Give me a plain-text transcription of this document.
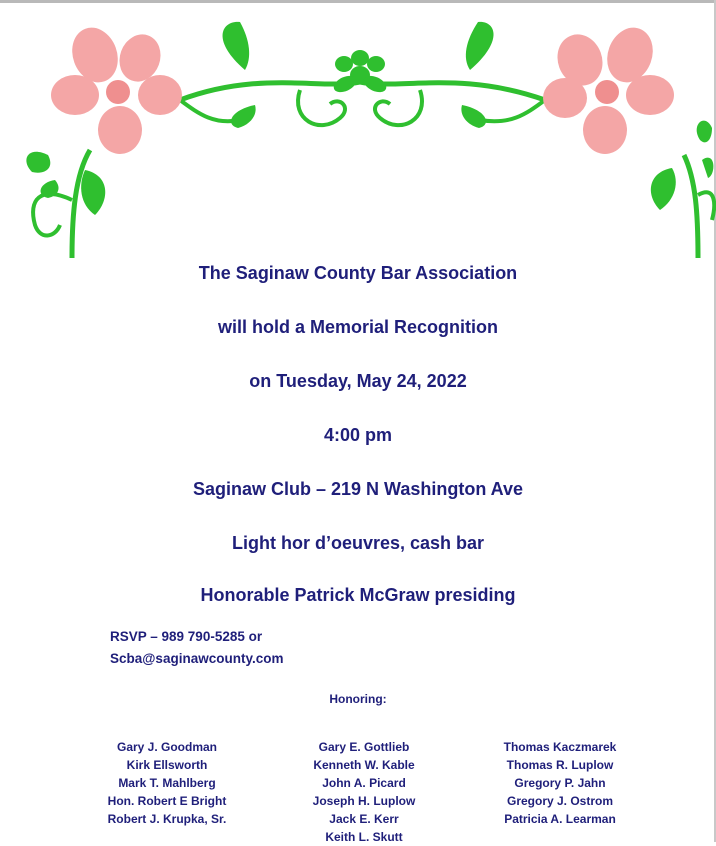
The Saginaw County Bar Association
will hold a Memorial Recognition
on Tuesday, May 24, 2022
4:00 pm
Saginaw Club – 219 N Washington Ave
Light hor d’oeuvres, cash bar
Honorable Patrick McGraw presiding
RSVP – 989 790-5285 or
Scba@saginawcounty.com
Honoring:
Gary J. Goodman
Kirk Ellsworth
Mark T. Mahlberg
Hon. Robert E Bright
Robert J. Krupka, Sr.
Gary E. Gottlieb
Kenneth W. Kable
John A. Picard
Joseph H. Luplow
Jack E. Kerr
Keith L. Skutt
Thomas Kaczmarek
Thomas R. Luplow
Gregory P. Jahn
Gregory J. Ostrom
Patricia A. Learman
